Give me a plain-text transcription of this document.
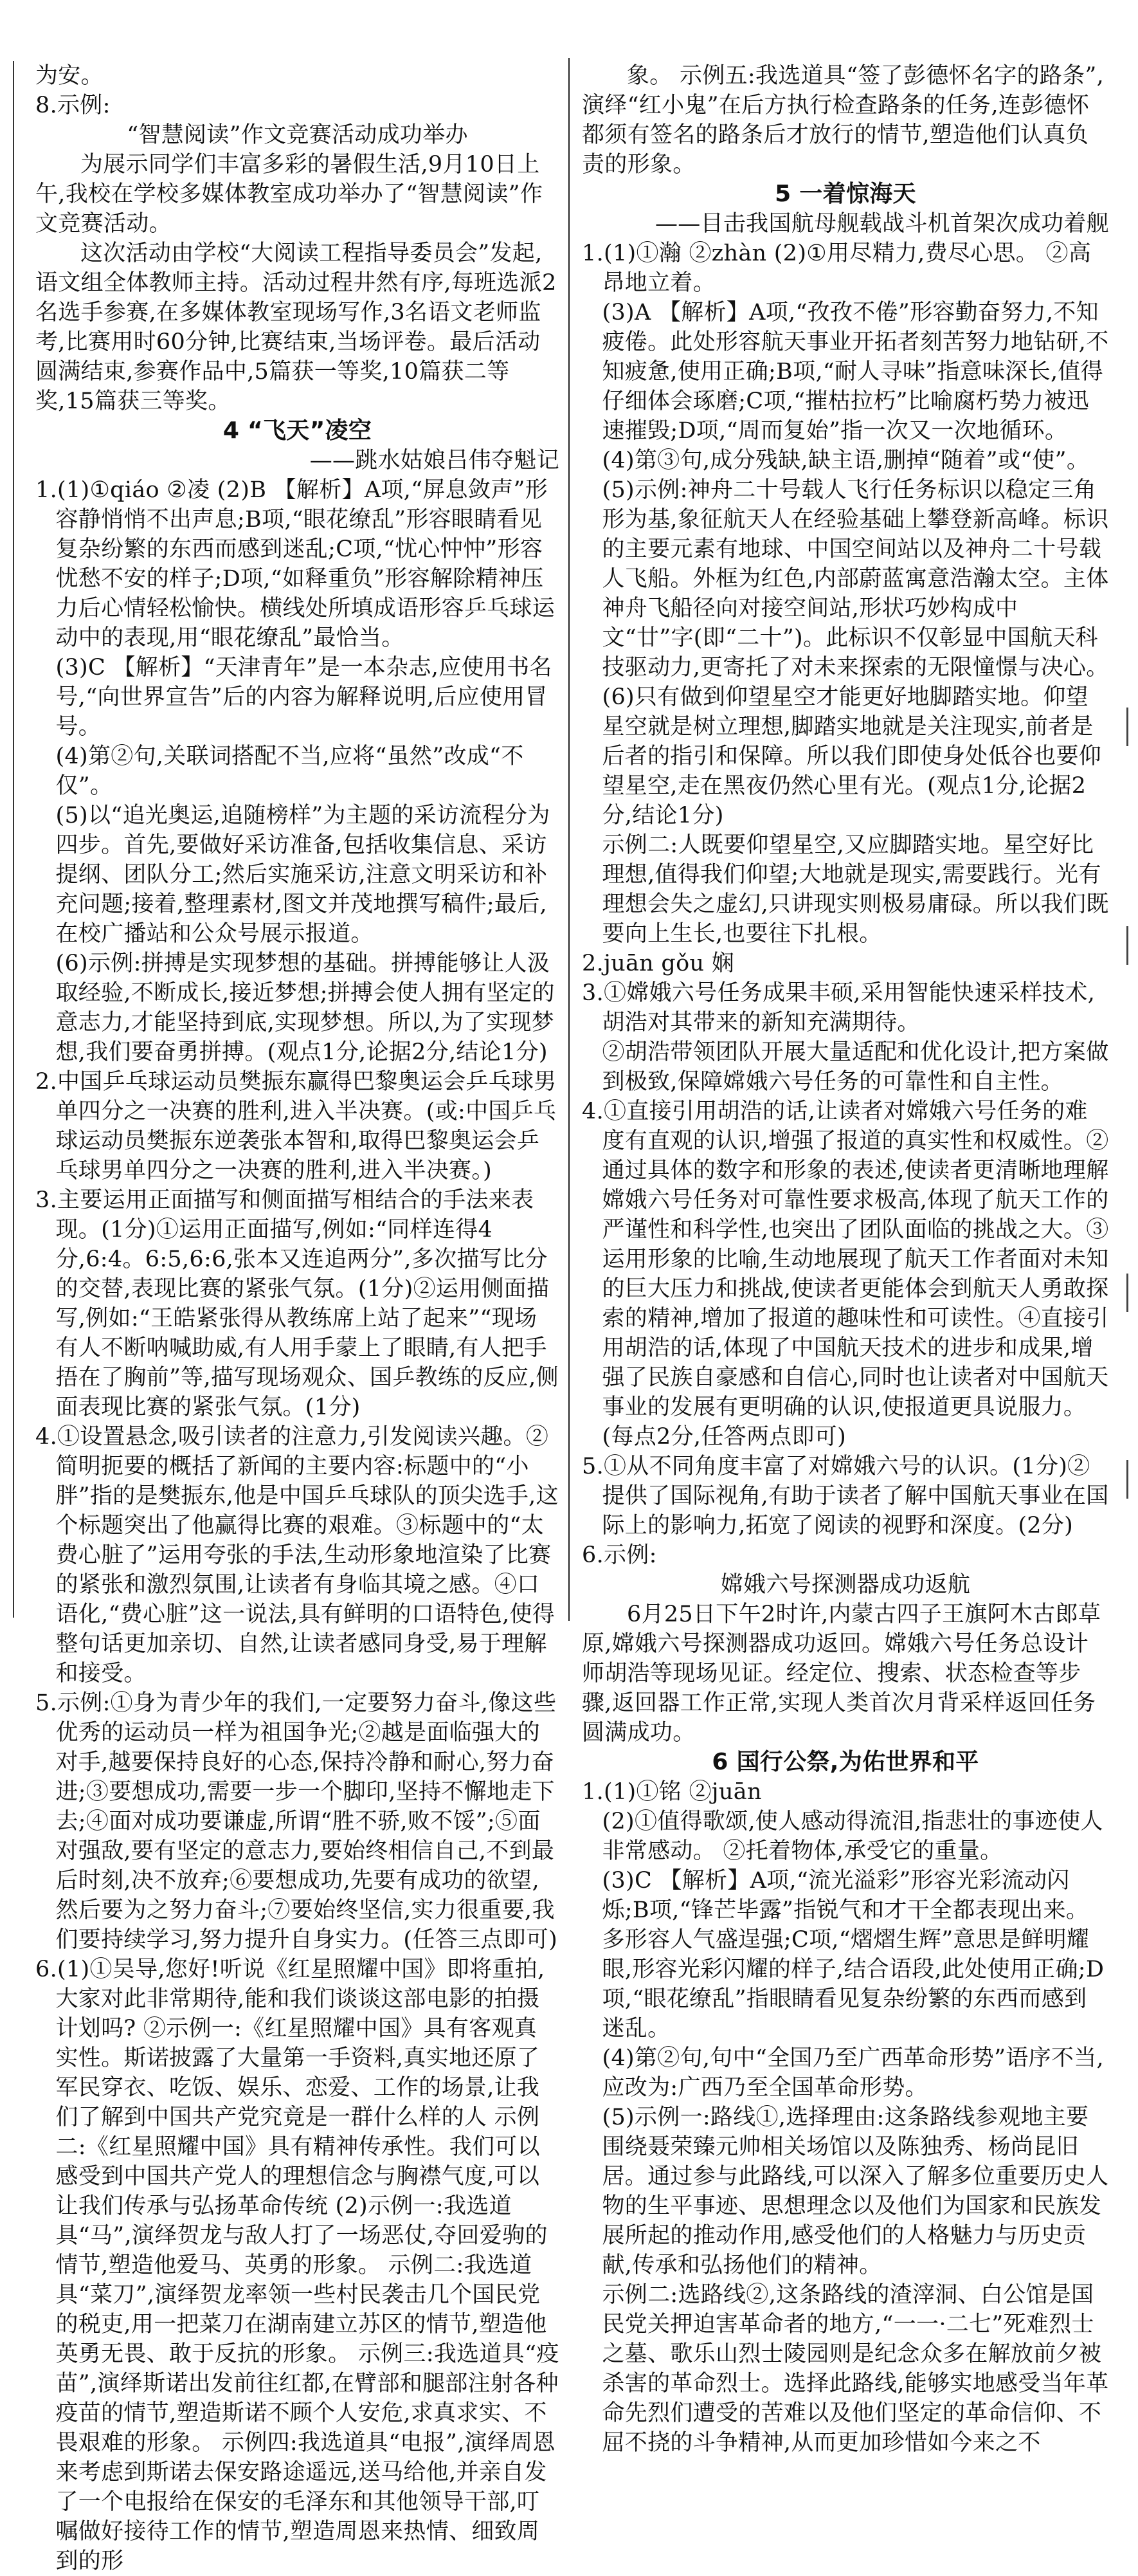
为安。

8.示例:

“智慧阅读”作文竞赛活动成功举办

为展示同学们丰富多彩的暑假生活,9月10日上午,我校在学校多媒体教室成功举办了“智慧阅读”作文竞赛活动。

这次活动由学校“大阅读工程指导委员会”发起,语文组全体教师主持。活动过程井然有序,每班选派2名选手参赛,在多媒体教室现场写作,3名语文老师监考,比赛用时60分钟,比赛结束,当场评卷。最后活动圆满结束,参赛作品中,5篇获一等奖,10篇获二等奖,15篇获三等奖。

4 “飞天”凌空

——跳水姑娘吕伟夺魁记

1.(1)①qiáo ②凌 (2)B 【解析】A项,“屏息敛声”形容静悄悄不出声息;B项,“眼花缭乱”形容眼睛看见复杂纷繁的东西而感到迷乱;C项,“忧心忡忡”形容忧愁不安的样子;D项,“如释重负”形容解除精神压力后心情轻松愉快。横线处所填成语形容乒乓球运动中的表现,用“眼花缭乱”最恰当。

(3)C 【解析】“天津青年”是一本杂志,应使用书名号,“向世界宣告”后的内容为解释说明,后应使用冒号。

(4)第②句,关联词搭配不当,应将“虽然”改成“不仅”。

(5)以“追光奥运,追随榜样”为主题的采访流程分为四步。首先,要做好采访准备,包括收集信息、采访提纲、团队分工;然后实施采访,注意文明采访和补充问题;接着,整理素材,图文并茂地撰写稿件;最后,在校广播站和公众号展示报道。

(6)示例:拼搏是实现梦想的基础。拼搏能够让人汲取经验,不断成长,接近梦想;拼搏会使人拥有坚定的意志力,才能坚持到底,实现梦想。所以,为了实现梦想,我们要奋勇拼搏。(观点1分,论据2分,结论1分)

2.中国乒乓球运动员樊振东赢得巴黎奥运会乒乓球男单四分之一决赛的胜利,进入半决赛。(或:中国乒乓球运动员樊振东逆袭张本智和,取得巴黎奥运会乒乓球男单四分之一决赛的胜利,进入半决赛。)

3.主要运用正面描写和侧面描写相结合的手法来表现。(1分)①运用正面描写,例如:“同样连得4分,6:4。6:5,6:6,张本又连追两分”,多次描写比分的交替,表现比赛的紧张气氛。(1分)②运用侧面描写,例如:“王皓紧张得从教练席上站了起来”“现场有人不断呐喊助威,有人用手蒙上了眼睛,有人把手捂在了胸前”等,描写现场观众、国乒教练的反应,侧面表现比赛的紧张气氛。(1分)

4.①设置悬念,吸引读者的注意力,引发阅读兴趣。②简明扼要的概括了新闻的主要内容:标题中的“小胖”指的是樊振东,他是中国乒乓球队的顶尖选手,这个标题突出了他赢得比赛的艰难。③标题中的“太费心脏了”运用夸张的手法,生动形象地渲染了比赛的紧张和激烈氛围,让读者有身临其境之感。④口语化,“费心脏”这一说法,具有鲜明的口语特色,使得整句话更加亲切、自然,让读者感同身受,易于理解和接受。

5.示例:①身为青少年的我们,一定要努力奋斗,像这些优秀的运动员一样为祖国争光;②越是面临强大的对手,越要保持良好的心态,保持冷静和耐心,努力奋进;③要想成功,需要一步一个脚印,坚持不懈地走下去;④面对成功要谦虚,所谓“胜不骄,败不馁”;⑤面对强敌,要有坚定的意志力,要始终相信自己,不到最后时刻,决不放弃;⑥要想成功,先要有成功的欲望,然后要为之努力奋斗;⑦要始终坚信,实力很重要,我们要持续学习,努力提升自身实力。(任答三点即可)

6.(1)①吴导,您好!听说《红星照耀中国》即将重拍,大家对此非常期待,能和我们谈谈这部电影的拍摄计划吗? ②示例一:《红星照耀中国》具有客观真实性。斯诺披露了大量第一手资料,真实地还原了军民穿衣、吃饭、娱乐、恋爱、工作的场景,让我们了解到中国共产党究竟是一群什么样的人 示例二:《红星照耀中国》具有精神传承性。我们可以感受到中国共产党人的理想信念与胸襟气度,可以让我们传承与弘扬革命传统 (2)示例一:我选道具“马”,演绎贺龙与敌人打了一场恶仗,夺回爱驹的情节,塑造他爱马、英勇的形象。 示例二:我选道具“菜刀”,演绎贺龙率领一些村民袭击几个国民党的税吏,用一把菜刀在湖南建立苏区的情节,塑造他英勇无畏、敢于反抗的形象。 示例三:我选道具“疫苗”,演绎斯诺出发前往红都,在臂部和腿部注射各种疫苗的情节,塑造斯诺不顾个人安危,求真求实、不畏艰难的形象。 示例四:我选道具“电报”,演绎周恩来考虑到斯诺去保安路途遥远,送马给他,并亲自发了一个电报给在保安的毛泽东和其他领导干部,叮嘱做好接待工作的情节,塑造周恩来热情、细致周到的形

象。 示例五:我选道具“签了彭德怀名字的路条”,演绎“红小鬼”在后方执行检查路条的任务,连彭德怀都须有签名的路条后才放行的情节,塑造他们认真负责的形象。

5 一着惊海天

——目击我国航母舰载战斗机首架次成功着舰

1.(1)①瀚 ②zhàn (2)①用尽精力,费尽心思。 ②高昂地立着。

(3)A 【解析】A项,“孜孜不倦”形容勤奋努力,不知疲倦。此处形容航天事业开拓者刻苦努力地钻研,不知疲惫,使用正确;B项,“耐人寻味”指意味深长,值得仔细体会琢磨;C项,“摧枯拉朽”比喻腐朽势力被迅速摧毁;D项,“周而复始”指一次又一次地循环。

(4)第③句,成分残缺,缺主语,删掉“随着”或“使”。

(5)示例:神舟二十号载人飞行任务标识以稳定三角形为基,象征航天人在经验基础上攀登新高峰。标识的主要元素有地球、中国空间站以及神舟二十号载人飞船。外框为红色,内部蔚蓝寓意浩瀚太空。主体神舟飞船径向对接空间站,形状巧妙构成中文“廿”字(即“二十”)。此标识不仅彰显中国航天科技驱动力,更寄托了对未来探索的无限憧憬与决心。

(6)只有做到仰望星空才能更好地脚踏实地。仰望星空就是树立理想,脚踏实地就是关注现实,前者是后者的指引和保障。所以我们即使身处低谷也要仰望星空,走在黑夜仍然心里有光。(观点1分,论据2分,结论1分)

示例二:人既要仰望星空,又应脚踏实地。星空好比理想,值得我们仰望;大地就是现实,需要践行。光有理想会失之虚幻,只讲现实则极易庸碌。所以我们既要向上生长,也要往下扎根。

2.juān gǒu 娴

3.①嫦娥六号任务成果丰硕,采用智能快速采样技术,胡浩对其带来的新知充满期待。

②胡浩带领团队开展大量适配和优化设计,把方案做到极致,保障嫦娥六号任务的可靠性和自主性。

4.①直接引用胡浩的话,让读者对嫦娥六号任务的难度有直观的认识,增强了报道的真实性和权威性。②通过具体的数字和形象的表述,使读者更清晰地理解嫦娥六号任务对可靠性要求极高,体现了航天工作的严谨性和科学性,也突出了团队面临的挑战之大。③运用形象的比喻,生动地展现了航天工作者面对未知的巨大压力和挑战,使读者更能体会到航天人勇敢探索的精神,增加了报道的趣味性和可读性。④直接引用胡浩的话,体现了中国航天技术的进步和成果,增强了民族自豪感和自信心,同时也让读者对中国航天事业的发展有更明确的认识,使报道更具说服力。(每点2分,任答两点即可)

5.①从不同角度丰富了对嫦娥六号的认识。(1分)②提供了国际视角,有助于读者了解中国航天事业在国际上的影响力,拓宽了阅读的视野和深度。(2分)

6.示例:

嫦娥六号探测器成功返航

6月25日下午2时许,内蒙古四子王旗阿木古郎草原,嫦娥六号探测器成功返回。嫦娥六号任务总设计师胡浩等现场见证。经定位、搜索、状态检查等步骤,返回器工作正常,实现人类首次月背采样返回任务圆满成功。

6 国行公祭,为佑世界和平

1.(1)①铭 ②juān

(2)①值得歌颂,使人感动得流泪,指悲壮的事迹使人非常感动。 ②托着物体,承受它的重量。

(3)C 【解析】A项,“流光溢彩”形容光彩流动闪烁;B项,“锋芒毕露”指锐气和才干全都表现出来。多形容人气盛逞强;C项,“熠熠生辉”意思是鲜明耀眼,形容光彩闪耀的样子,结合语段,此处使用正确;D项,“眼花缭乱”指眼睛看见复杂纷繁的东西而感到迷乱。

(4)第②句,句中“全国乃至广西革命形势”语序不当,应改为:广西乃至全国革命形势。

(5)示例一:路线①,选择理由:这条路线参观地主要围绕聂荣臻元帅相关场馆以及陈独秀、杨尚昆旧居。通过参与此路线,可以深入了解多位重要历史人物的生平事迹、思想理念以及他们为国家和民族发展所起的推动作用,感受他们的人格魅力与历史贡献,传承和弘扬他们的精神。

示例二:选路线②,这条路线的渣滓洞、白公馆是国民党关押迫害革命者的地方,“一一·二七”死难烈士之墓、歌乐山烈士陵园则是纪念众多在解放前夕被杀害的革命烈士。选择此路线,能够实地感受当年革命先烈们遭受的苦难以及他们坚定的革命信仰、不屈不挠的斗争精神,从而更加珍惜如今来之不
